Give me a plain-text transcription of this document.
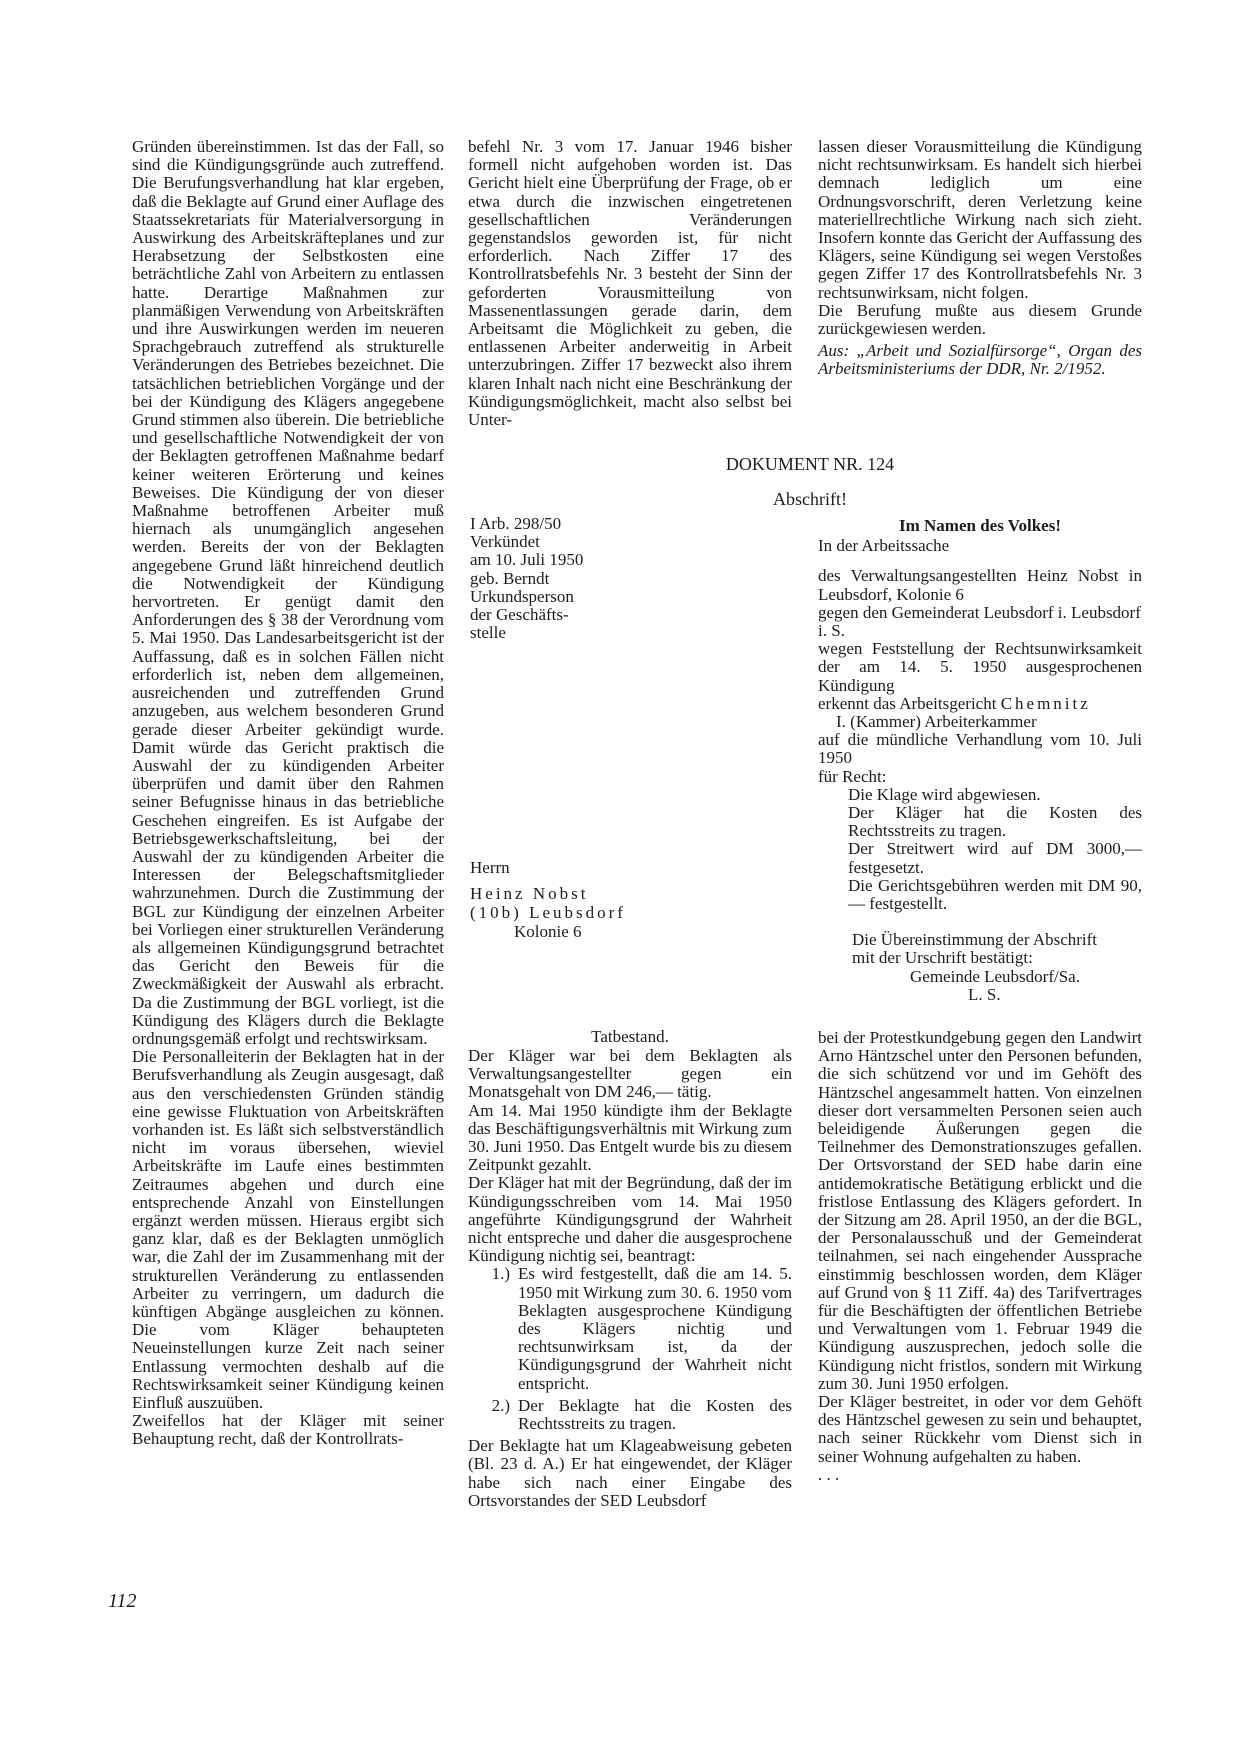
Gründen übereinstimmen. Ist das der Fall, so sind die Kündigungsgründe auch zutreffend. Die Berufungsverhandlung hat klar ergeben, daß die Beklagte auf Grund einer Auflage des Staatssekretariats für Materialversorgung in Auswirkung des Arbeitskräfteplanes und zur Herabsetzung der Selbstkosten eine beträchtliche Zahl von Arbeitern zu entlassen hatte. Derartige Maßnahmen zur planmäßigen Verwendung von Arbeitskräften und ihre Auswirkungen werden im neueren Sprachgebrauch zutreffend als strukturelle Veränderungen des Betriebes bezeichnet. Die tatsächlichen betrieblichen Vorgänge und der bei der Kündigung des Klägers angegebene Grund stimmen also überein. Die betriebliche und gesellschaftliche Notwendigkeit der von der Beklagten getroffenen Maßnahme bedarf keiner weiteren Erörterung und keines Beweises. Die Kündigung der von dieser Maßnahme betroffenen Arbeiter muß hiernach als unumgänglich angesehen werden. Bereits der von der Beklagten angegebene Grund läßt hinreichend deutlich die Notwendigkeit der Kündigung hervortreten. Er genügt damit den Anforderungen des § 38 der Verordnung vom 5. Mai 1950. Das Landesarbeitsgericht ist der Auffassung, daß es in solchen Fällen nicht erforderlich ist, neben dem allgemeinen, ausreichenden und zutreffenden Grund anzugeben, aus welchem besonderen Grund gerade dieser Arbeiter gekündigt wurde. Damit würde das Gericht praktisch die Auswahl der zu kündigenden Arbeiter überprüfen und damit über den Rahmen seiner Befugnisse hinaus in das betriebliche Geschehen eingreifen. Es ist Aufgabe der Betriebsgewerkschaftsleitung, bei der Auswahl der zu kündigenden Arbeiter die Interessen der Belegschaftsmitglieder wahrzunehmen. Durch die Zustimmung der BGL zur Kündigung der einzelnen Arbeiter bei Vorliegen einer strukturellen Veränderung als allgemeinen Kündigungsgrund betrachtet das Gericht den Beweis für die Zweckmäßigkeit der Auswahl als erbracht. Da die Zustimmung der BGL vorliegt, ist die Kündigung des Klägers durch die Beklagte ordnungsgemäß erfolgt und rechtswirksam.

Die Personalleiterin der Beklagten hat in der Berufsverhandlung als Zeugin ausgesagt, daß aus den verschiedensten Gründen ständig eine gewisse Fluktuation von Arbeitskräften vorhanden ist. Es läßt sich selbstverständlich nicht im voraus übersehen, wieviel Arbeitskräfte im Laufe eines bestimmten Zeitraumes abgehen und durch eine entsprechende Anzahl von Einstellungen ergänzt werden müssen. Hieraus ergibt sich ganz klar, daß es der Beklagten unmöglich war, die Zahl der im Zusammenhang mit der strukturellen Veränderung zu entlassenden Arbeiter zu verringern, um dadurch die künftigen Abgänge ausgleichen zu können. Die vom Kläger behaupteten Neueinstellungen kurze Zeit nach seiner Entlassung vermochten deshalb auf die Rechtswirksamkeit seiner Kündigung keinen Einfluß auszuüben.

Zweifellos hat der Kläger mit seiner Behauptung recht, daß der Kontrollrats-

befehl Nr. 3 vom 17. Januar 1946 bisher formell nicht aufgehoben worden ist. Das Gericht hielt eine Überprüfung der Frage, ob er etwa durch die inzwischen eingetretenen gesellschaftlichen Veränderungen gegenstandslos geworden ist, für nicht erforderlich. Nach Ziffer 17 des Kontrollratsbefehls Nr. 3 besteht der Sinn der geforderten Vorausmitteilung von Massenentlassungen gerade darin, dem Arbeitsamt die Möglichkeit zu geben, die entlassenen Arbeiter anderweitig in Arbeit unterzubringen. Ziffer 17 bezweckt also ihrem klaren Inhalt nach nicht eine Beschränkung der Kündigungsmöglichkeit, macht also selbst bei Unter-

lassen dieser Vorausmitteilung die Kündigung nicht rechtsunwirksam. Es handelt sich hierbei demnach lediglich um eine Ordnungsvorschrift, deren Verletzung keine materiellrechtliche Wirkung nach sich zieht. Insofern konnte das Gericht der Auffassung des Klägers, seine Kündigung sei wegen Verstoßes gegen Ziffer 17 des Kontrollratsbefehls Nr. 3 rechtsunwirksam, nicht folgen.

Die Berufung mußte aus diesem Grunde zurückgewiesen werden.

Aus: „Arbeit und Sozialfürsorge“, Organ des Arbeitsministeriums der DDR, Nr. 2/1952.

DOKUMENT NR. 124
Abschrift!

I Arb. 298/50

Verkündet

am 10. Juli 1950

geb. Berndt

Urkundsperson

der Geschäfts-

stelle

Herrn

Heinz Nobst

(10b) Leubsdorf

Kolonie 6

Im Namen des Volkes!

In der Arbeitssache

des Verwaltungsangestellten Heinz Nobst in Leubsdorf, Kolonie 6

gegen den Gemeinderat Leubsdorf i. Leubsdorf i. S.

wegen Feststellung der Rechtsunwirksamkeit der am 14. 5. 1950 ausgesprochenen Kündigung

erkennt das Arbeitsgericht Chemnitz

I. (Kammer) Arbeiterkammer

auf die mündliche Verhandlung vom 10. Juli 1950

für Recht:

Die Klage wird abgewiesen.

Der Kläger hat die Kosten des Rechtsstreits zu tragen.

Der Streitwert wird auf DM 3000,— festgesetzt.

Die Gerichtsgebühren werden mit DM 90,— festgestellt.

Die Übereinstimmung der Abschrift mit der Urschrift bestätigt:

Gemeinde Leubsdorf/Sa.

L. S.

Tatbestand.

Der Kläger war bei dem Beklagten als Verwaltungsangestellter gegen ein Monatsgehalt von DM 246,— tätig.

Am 14. Mai 1950 kündigte ihm der Beklagte das Beschäftigungsverhältnis mit Wirkung zum 30. Juni 1950. Das Entgelt wurde bis zu diesem Zeitpunkt gezahlt.

Der Kläger hat mit der Begründung, daß der im Kündigungsschreiben vom 14. Mai 1950 angeführte Kündigungsgrund der Wahrheit nicht entspreche und daher die ausgesprochene Kündigung nichtig sei, beantragt:

1.) Es wird festgestellt, daß die am 14. 5. 1950 mit Wirkung zum 30. 6. 1950 vom Beklagten ausgesprochene Kündigung des Klägers nichtig und rechtsunwirksam ist, da der Kündigungsgrund der Wahrheit nicht entspricht.
2.) Der Beklagte hat die Kosten des Rechtsstreits zu tragen.

Der Beklagte hat um Klageabweisung gebeten (Bl. 23 d. A.) Er hat eingewendet, der Kläger habe sich nach einer Eingabe des Ortsvorstandes der SED Leubsdorf

bei der Protestkundgebung gegen den Landwirt Arno Häntzschel unter den Personen befunden, die sich schützend vor und im Gehöft des Häntzschel angesammelt hatten. Von einzelnen dieser dort versammelten Personen seien auch beleidigende Äußerungen gegen die Teilnehmer des Demonstrationszuges gefallen. Der Ortsvorstand der SED habe darin eine antidemokratische Betätigung erblickt und die fristlose Entlassung des Klägers gefordert. In der Sitzung am 28. April 1950, an der die BGL, der Personalausschuß und der Gemeinderat teilnahmen, sei nach eingehender Aussprache einstimmig beschlossen worden, dem Kläger auf Grund von § 11 Ziff. 4a) des Tarifvertrages für die Beschäftigten der öffentlichen Betriebe und Verwaltungen vom 1. Februar 1949 die Kündigung auszusprechen, jedoch solle die Kündigung nicht fristlos, sondern mit Wirkung zum 30. Juni 1950 erfolgen.

Der Kläger bestreitet, in oder vor dem Gehöft des Häntzschel gewesen zu sein und behauptet, nach seiner Rückkehr vom Dienst sich in seiner Wohnung aufgehalten zu haben.

. . .

112
